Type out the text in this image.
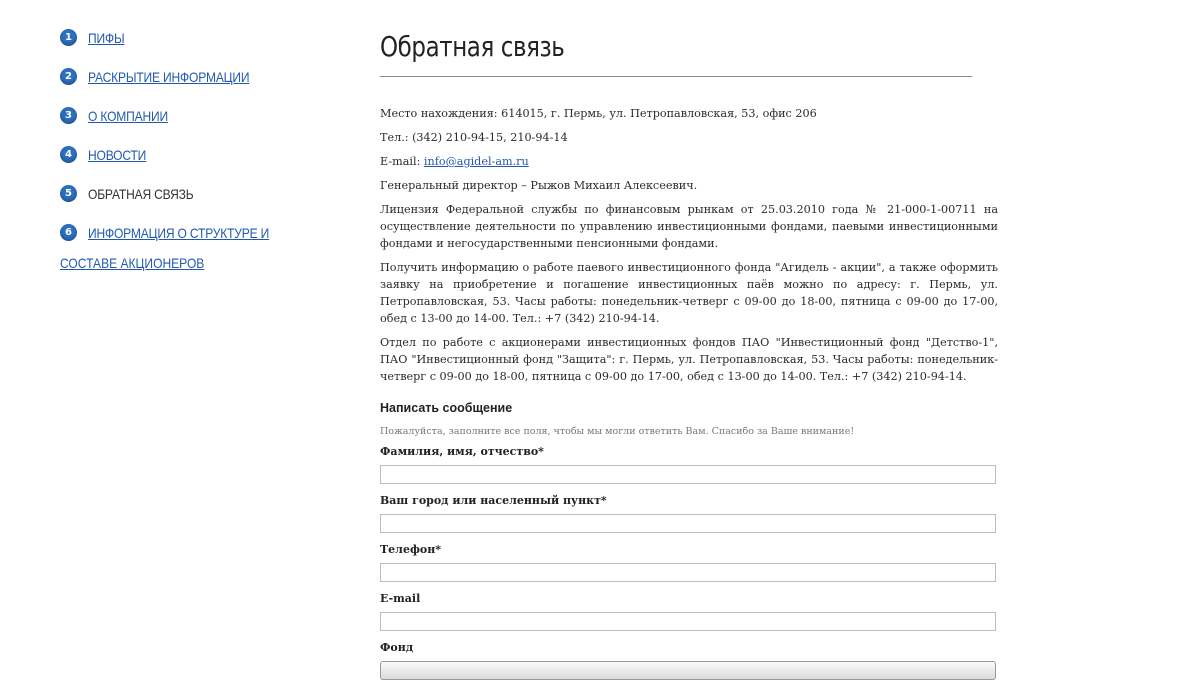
1	ПИФЫ
2	РАСКРЫТИЕ ИНФОРМАЦИИ
3	О КОМПАНИИ
4	НОВОСТИ
5	ОБРАТНАЯ СВЯЗЬ
6	ИНФОРМАЦИЯ О СТРУКТУРЕ И
СОСТАВЕ АКЦИОНЕРОВ
Обратная связь

Место нахождения: 614015, г. Пермь, ул. Петропавловская, 53, офис 206

Тел.: (342) 210-94-15, 210-94-14

E-mail: info@agidel-am.ru

Генеральный директор – Рыжов Михаил Алексеевич.

Лицензия Федеральной службы по финансовым рынкам от 25.03.2010 года № 21-000-1-00711 на осуществление деятельности по управлению инвестиционными фондами, паевыми инвестиционными фондами и негосударственными пенсионными фондами.

Получить информацию о работе паевого инвестиционного фонда "Агидель - акции", а также оформить заявку на приобретение и погашение инвестиционных паёв можно по адресу: г. Пермь, ул. Петропавловская, 53. Часы работы: понедельник-четверг с 09-00 до 18-00, пятница с 09-00 до 17-00, обед с 13-00 до 14-00. Тел.: +7 (342) 210-94-14.

Отдел по работе с акционерами инвестиционных фондов ПАО "Инвестиционный фонд "Детство-1", ПАО "Инвестиционный фонд "Защита": г. Пермь, ул. Петропавловская, 53. Часы работы: понедельник-четверг с 09-00 до 18-00, пятница с 09-00 до 17-00, обед с 13-00 до 14-00. Тел.: +7 (342) 210-94-14.

Написать сообщение
Пожалуйста, заполните все поля, чтобы мы могли ответить Вам. Спасибо за Ваше внимание!
Фамилия, имя, отчество*
Ваш город или населенный пункт*
Телефон*
E-mail
Фонд
